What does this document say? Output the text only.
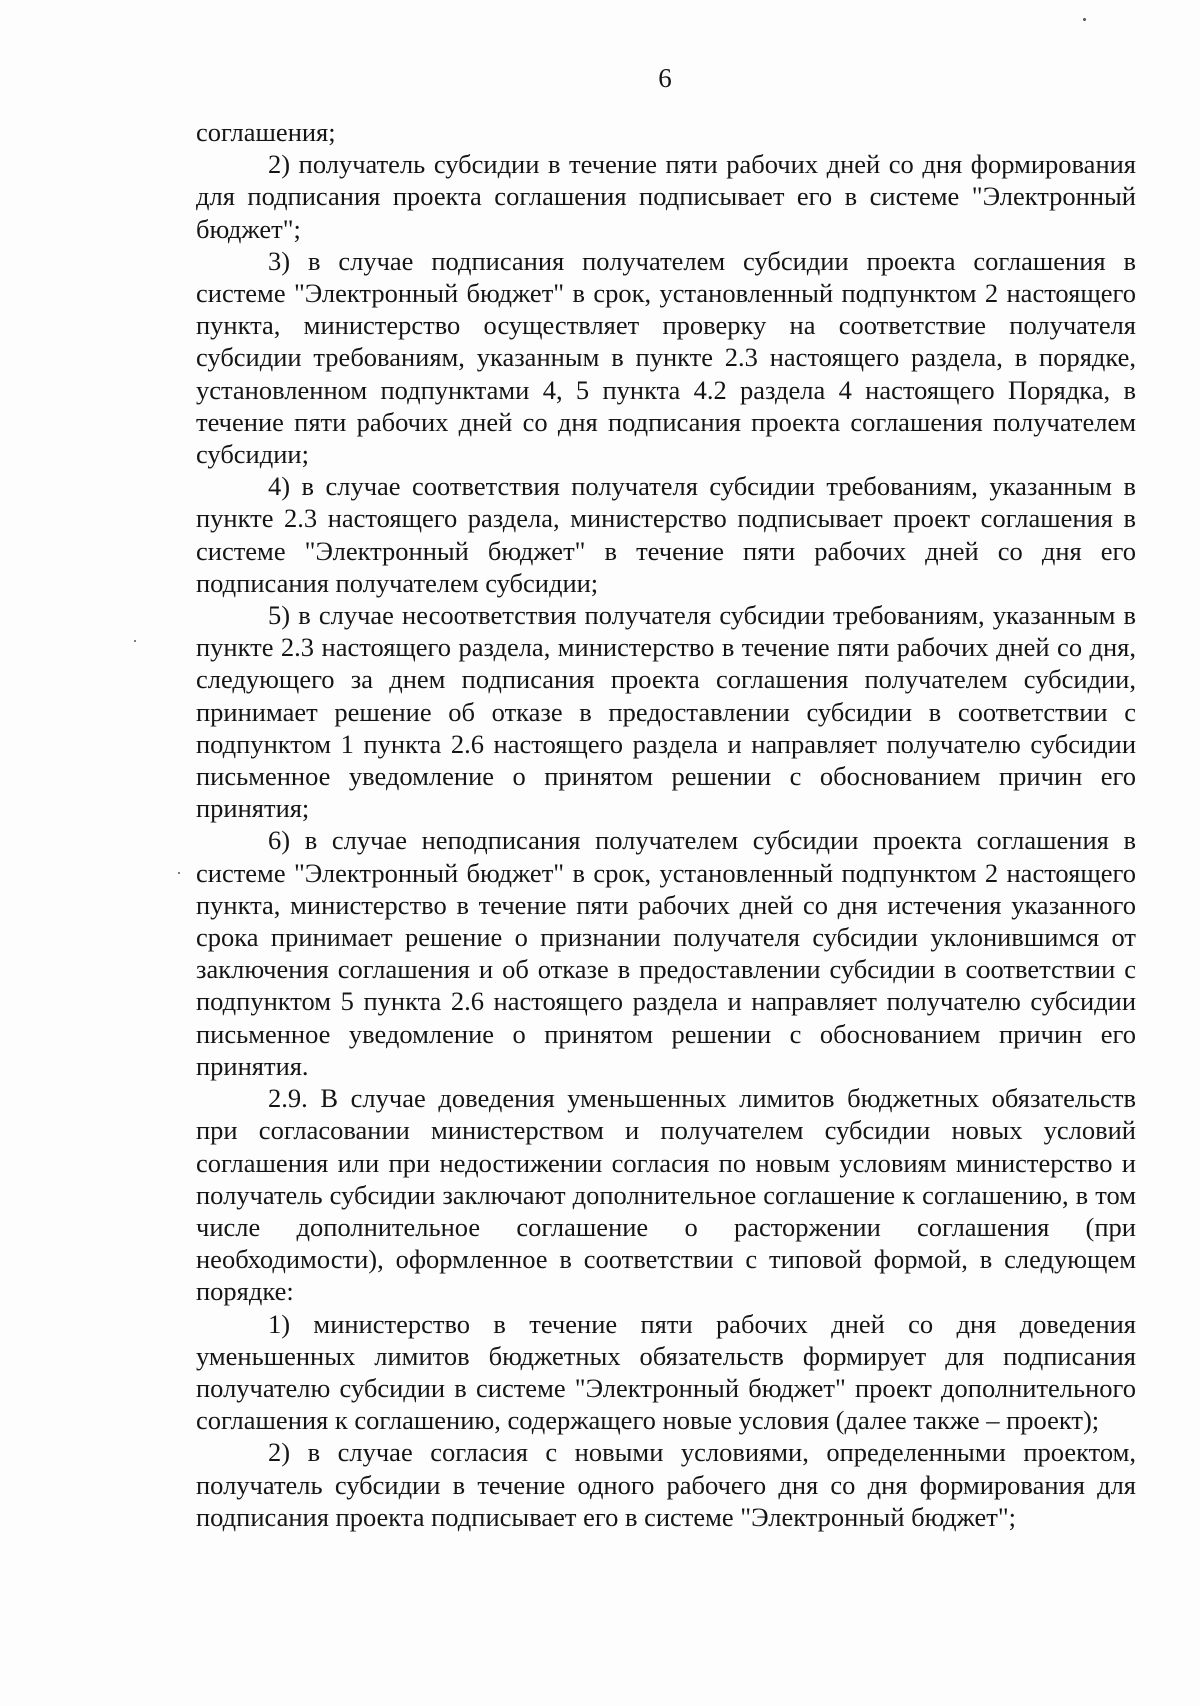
6

соглашения;

2) получатель субсидии в течение пяти рабочих дней со дня формирования для подписания проекта соглашения подписывает его в системе "Электронный бюджет";

3) в случае подписания получателем субсидии проекта соглашения в системе "Электронный бюджет" в срок, установленный подпунктом 2 настоящего пункта, министерство осуществляет проверку на соответствие получателя субсидии требованиям, указанным в пункте 2.3 настоящего раздела, в порядке, установленном подпунктами 4, 5 пункта 4.2 раздела 4 настоящего Порядка, в течение пяти рабочих дней со дня подписания проекта соглашения получателем субсидии;

4) в случае соответствия получателя субсидии требованиям, указанным в пункте 2.3 настоящего раздела, министерство подписывает проект соглашения в системе "Электронный бюджет" в течение пяти рабочих дней со дня его подписания получателем субсидии;

5) в случае несоответствия получателя субсидии требованиям, указанным в пункте 2.3 настоящего раздела, министерство в течение пяти рабочих дней со дня, следующего за днем подписания проекта соглашения получателем субсидии, принимает решение об отказе в предоставлении субсидии в соответствии с подпунктом 1 пункта 2.6 настоящего раздела и направляет получателю субсидии письменное уведомление о принятом решении с обоснованием причин его принятия;

6) в случае неподписания получателем субсидии проекта соглашения в системе "Электронный бюджет" в срок, установленный подпунктом 2 настоящего пункта, министерство в течение пяти рабочих дней со дня истечения указанного срока принимает решение о признании получателя субсидии уклонившимся от заключения соглашения и об отказе в предоставлении субсидии в соответствии с подпунктом 5 пункта 2.6 настоящего раздела и направляет получателю субсидии письменное уведомление о принятом решении с обоснованием причин его принятия.

2.9. В случае доведения уменьшенных лимитов бюджетных обязательств при согласовании министерством и получателем субсидии новых условий соглашения или при недостижении согласия по новым условиям министерство и получатель субсидии заключают дополнительное соглашение к соглашению, в том числе дополнительное соглашение о расторжении соглашения (при необходимости), оформленное в соответствии с типовой формой, в следующем порядке:

1) министерство в течение пяти рабочих дней со дня доведения уменьшенных лимитов бюджетных обязательств формирует для подписания получателю субсидии в системе "Электронный бюджет" проект дополнительного соглашения к соглашению, содержащего новые условия (далее также – проект);

2) в случае согласия с новыми условиями, определенными проектом, получатель субсидии в течение одного рабочего дня со дня формирования для подписания проекта подписывает его в системе "Электронный бюджет";
